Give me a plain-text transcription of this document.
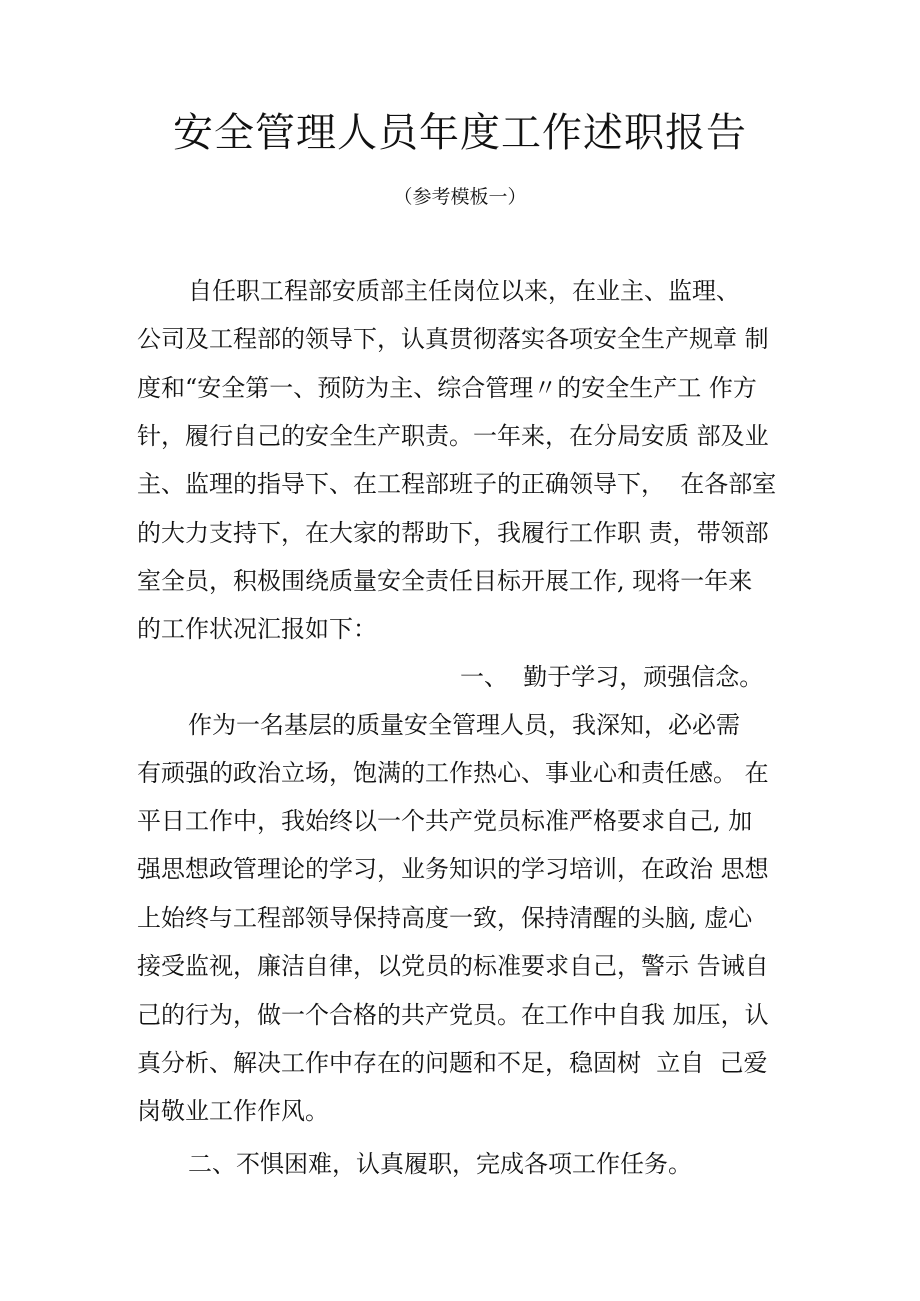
安全管理人员年度工作述职报告
（参考模板一）
自任职工程部安质部主任岗位以来，在业主、监理、
公司及工程部的领导下，认真贯彻落实各项安全生产规章 制
度和“安全第一、预防为主、综合管理〃的安全生产工 作方
针，履行自己的安全生产职责。一年来，在分局安质 部及业
主、监理的指导下、在工程部班子的正确领导下，  在各部室
的大力支持下，在大家的帮助下，我履行工作职 责，带领部
室全员，积极围绕质量安全责任目标开展工作, 现将一年来
的工作状况汇报如下：
一、  勤于学习，顽强信念。
作为一名基层的质量安全管理人员，我深知，必必需
有顽强的政治立场，饱满的工作热心、事业心和责任感。 在
平日工作中，我始终以一个共产党员标准严格要求自己, 加
强思想政管理论的学习，业务知识的学习培训，在政治 思想
上始终与工程部领导保持高度一致，保持清醒的头脑, 虚心
接受监视，廉洁自律，以党员的标准要求自己，警示 告诫自
己的行为，做一个合格的共产党员。在工作中自我 加压，认
真分析、解决工作中存在的问题和不足，稳固树  立自  己爱
岗敬业工作作风。
二、不惧困难，认真履职，完成各项工作任务。
